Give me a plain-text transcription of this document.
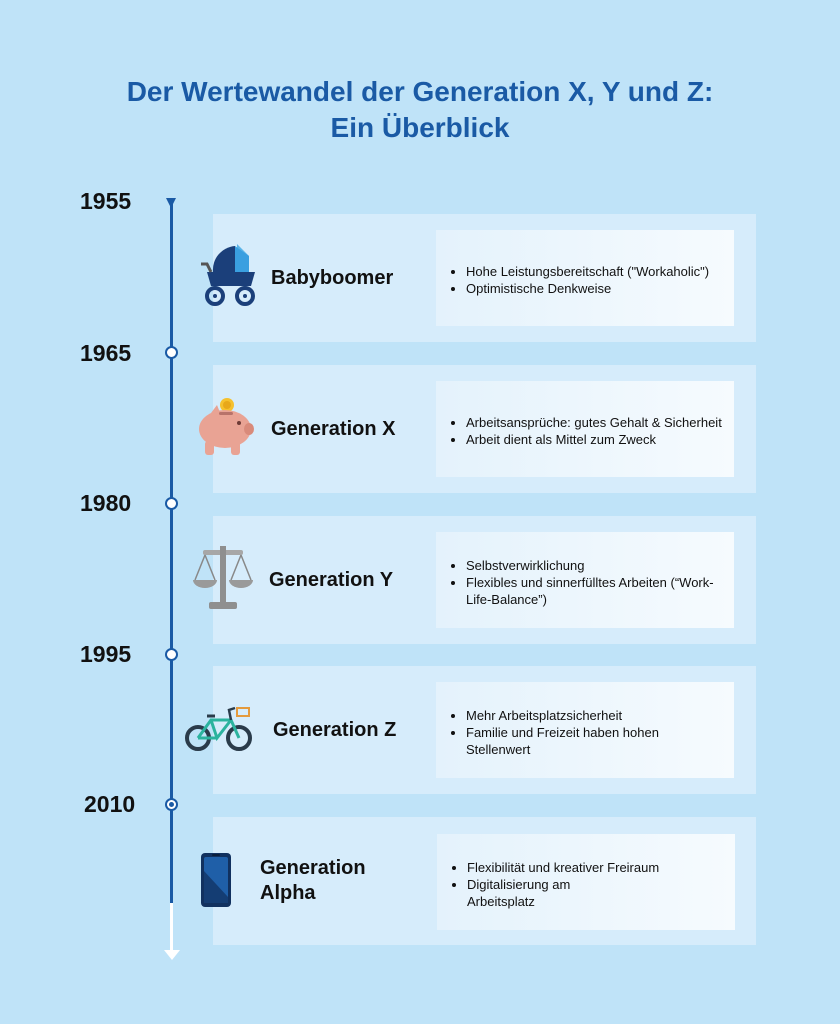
Der Wertewandel der Generation X, Y und Z:
Ein Überblick
1955
1965
1980
1995
2010
Babyboomer	• Hohe Leistungsbereitschaft ("Workaholic")
• Optimistische Denkweise
Generation X	• Arbeitsansprüche: gutes Gehalt & Sicherheit
• Arbeit dient als Mittel zum Zweck
Generation Y
• Selbstverwirklichung
• Flexibles und sinnerfülltes Arbeiten (“Work-Life-Balance”)
Generation Z
• Mehr Arbeitsplatzsicherheit
• Familie und Freizeit haben hohen Stellenwert
Generation Alpha
• Flexibilität und kreativer Freiraum
• Digitalisierung am Arbeitsplatz
